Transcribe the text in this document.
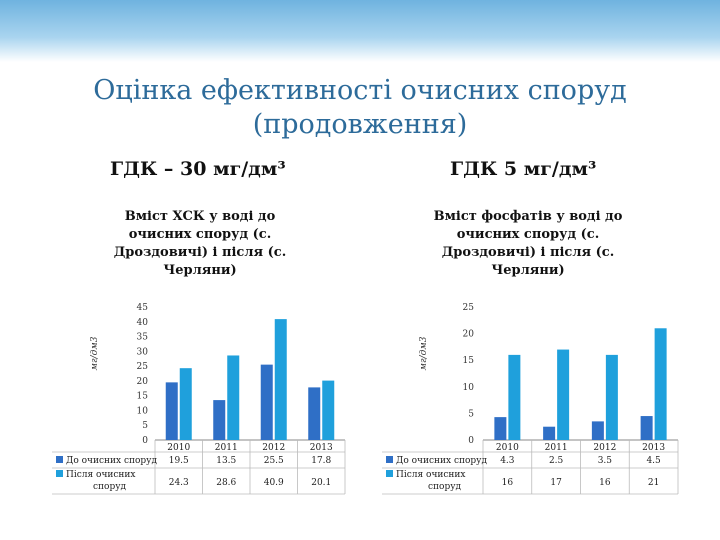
Оцінка ефективності очисних споруд
(продовження)
ГДК – 30 мг/дм³	ГДК 5 мг/дм³
Вміст ХСК у воді до
очисних споруд (с.
Дроздовичі) і після (с.
Черляни)
Вміст фосфатів у воді до
очисних споруд (с.
Дроздовичі) і після (с.
Черляни)
мг/дм3
0
5
10
15
20
25
30
35
40
45
2010
19.5
24.3
2011
13.5
28.6
2012
25.5
40.9
2013
17.8
20.1
До очисних споруд
Після очисних
споруд
мг/дм3
0
5
10
15
20
25
2010
4.3
16
2011
2.5
17
2012
3.5
16
2013
4.5
21
До очисних споруд
Після очисних
споруд
